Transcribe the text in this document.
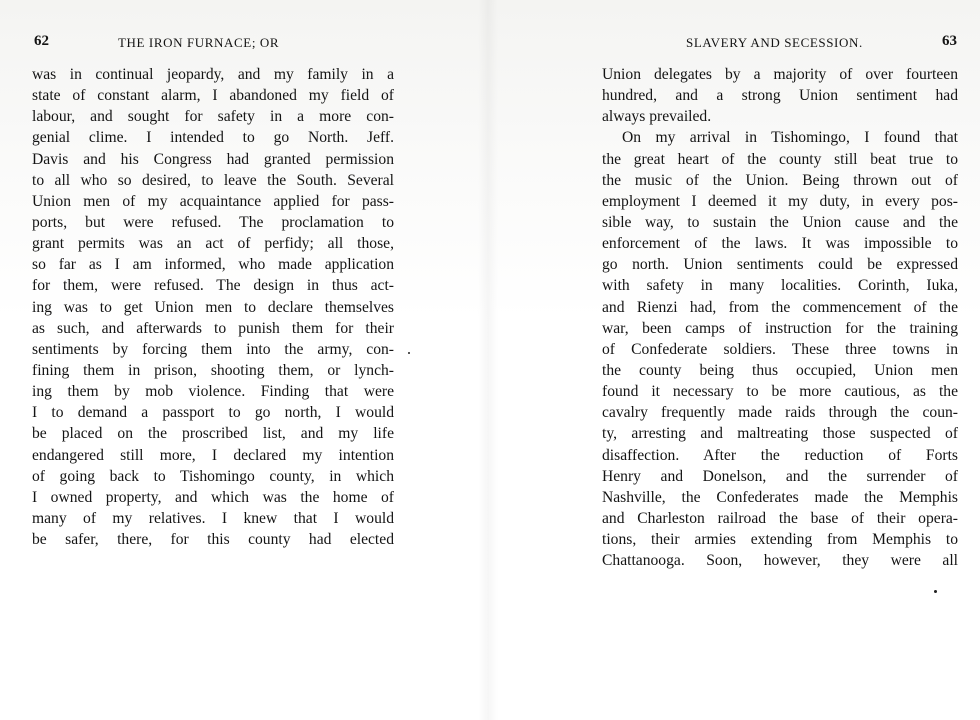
62	THE IRON FURNACE; OR
was in continual jeopardy, and my family in a
state of constant alarm, I abandoned my field of
labour, and sought for safety in a more con-
genial clime. I intended to go North. Jeff.
Davis and his Congress had granted permission
to all who so desired, to leave the South. Several
Union men of my acquaintance applied for pass-
ports, but were refused. The proclamation to
grant permits was an act of perfidy; all those,
so far as I am informed, who made application
for them, were refused. The design in thus act-
ing was to get Union men to declare themselves
as such, and afterwards to punish them for their
sentiments by forcing them into the army, con-
fining them in prison, shooting them, or lynch-
ing them by mob violence. Finding that were
I to demand a passport to go north, I would
be placed on the proscribed list, and my life
endangered still more, I declared my intention
of going back to Tishomingo county, in which
I owned property, and which was the home of
many of my relatives. I knew that I would
be safer, there, for this county had elected
SLAVERY AND SECESSION.	63
Union delegates by a majority of over fourteen
hundred, and a strong Union sentiment had
always prevailed.
On my arrival in Tishomingo, I found that
the great heart of the county still beat true to
the music of the Union. Being thrown out of
employment I deemed it my duty, in every pos-
sible way, to sustain the Union cause and the
enforcement of the laws. It was impossible to
go north. Union sentiments could be expressed
with safety in many localities. Corinth, Iuka,
and Rienzi had, from the commencement of the
war, been camps of instruction for the training
of Confederate soldiers. These three towns in
the county being thus occupied, Union men
found it necessary to be more cautious, as the
cavalry frequently made raids through the coun-
ty, arresting and maltreating those suspected of
disaffection. After the reduction of Forts
Henry and Donelson, and the surrender of
Nashville, the Confederates made the Memphis
and Charleston railroad the base of their opera-
tions, their armies extending from Memphis to
Chattanooga. Soon, however, they were all
